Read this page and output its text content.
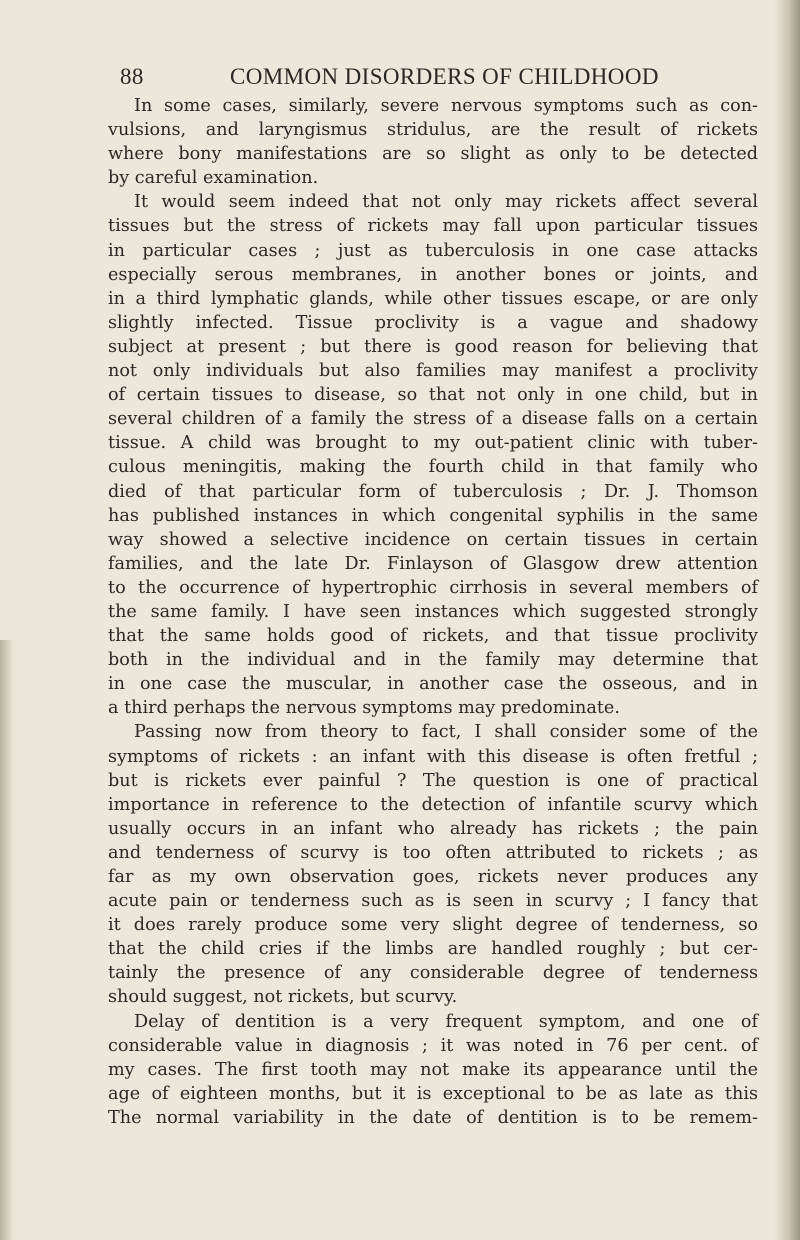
88	COMMON DISORDERS OF CHILDHOOD
In some cases, similarly, severe nervous symptoms such as con-
vulsions, and laryngismus stridulus, are the result of rickets
where bony manifestations are so slight as only to be detected
by careful examination.
It would seem indeed that not only may rickets affect several
tissues but the stress of rickets may fall upon particular tissues
in particular cases ; just as tuberculosis in one case attacks
especially serous membranes, in another bones or joints, and
in a third lymphatic glands, while other tissues escape, or are only
slightly infected. Tissue proclivity is a vague and shadowy
subject at present ; but there is good reason for believing that
not only individuals but also families may manifest a proclivity
of certain tissues to disease, so that not only in one child, but in
several children of a family the stress of a disease falls on a certain
tissue. A child was brought to my out-patient clinic with tuber-
culous meningitis, making the fourth child in that family who
died of that particular form of tuberculosis ; Dr. J. Thomson
has published instances in which congenital syphilis in the same
way showed a selective incidence on certain tissues in certain
families, and the late Dr. Finlayson of Glasgow drew attention
to the occurrence of hypertrophic cirrhosis in several members of
the same family. I have seen instances which suggested strongly
that the same holds good of rickets, and that tissue proclivity
both in the individual and in the family may determine that
in one case the muscular, in another case the osseous, and in
a third perhaps the nervous symptoms may predominate.
Passing now from theory to fact, I shall consider some of the
symptoms of rickets : an infant with this disease is often fretful ;
but is rickets ever painful ? The question is one of practical
importance in reference to the detection of infantile scurvy which
usually occurs in an infant who already has rickets ; the pain
and tenderness of scurvy is too often attributed to rickets ; as
far as my own observation goes, rickets never produces any
acute pain or tenderness such as is seen in scurvy ; I fancy that
it does rarely produce some very slight degree of tenderness, so
that the child cries if the limbs are handled roughly ; but cer-
tainly the presence of any considerable degree of tenderness
should suggest, not rickets, but scurvy.
Delay of dentition is a very frequent symptom, and one of
considerable value in diagnosis ; it was noted in 76 per cent. of
my cases. The first tooth may not make its appearance until the
age of eighteen months, but it is exceptional to be as late as this
The normal variability in the date of dentition is to be remem-
